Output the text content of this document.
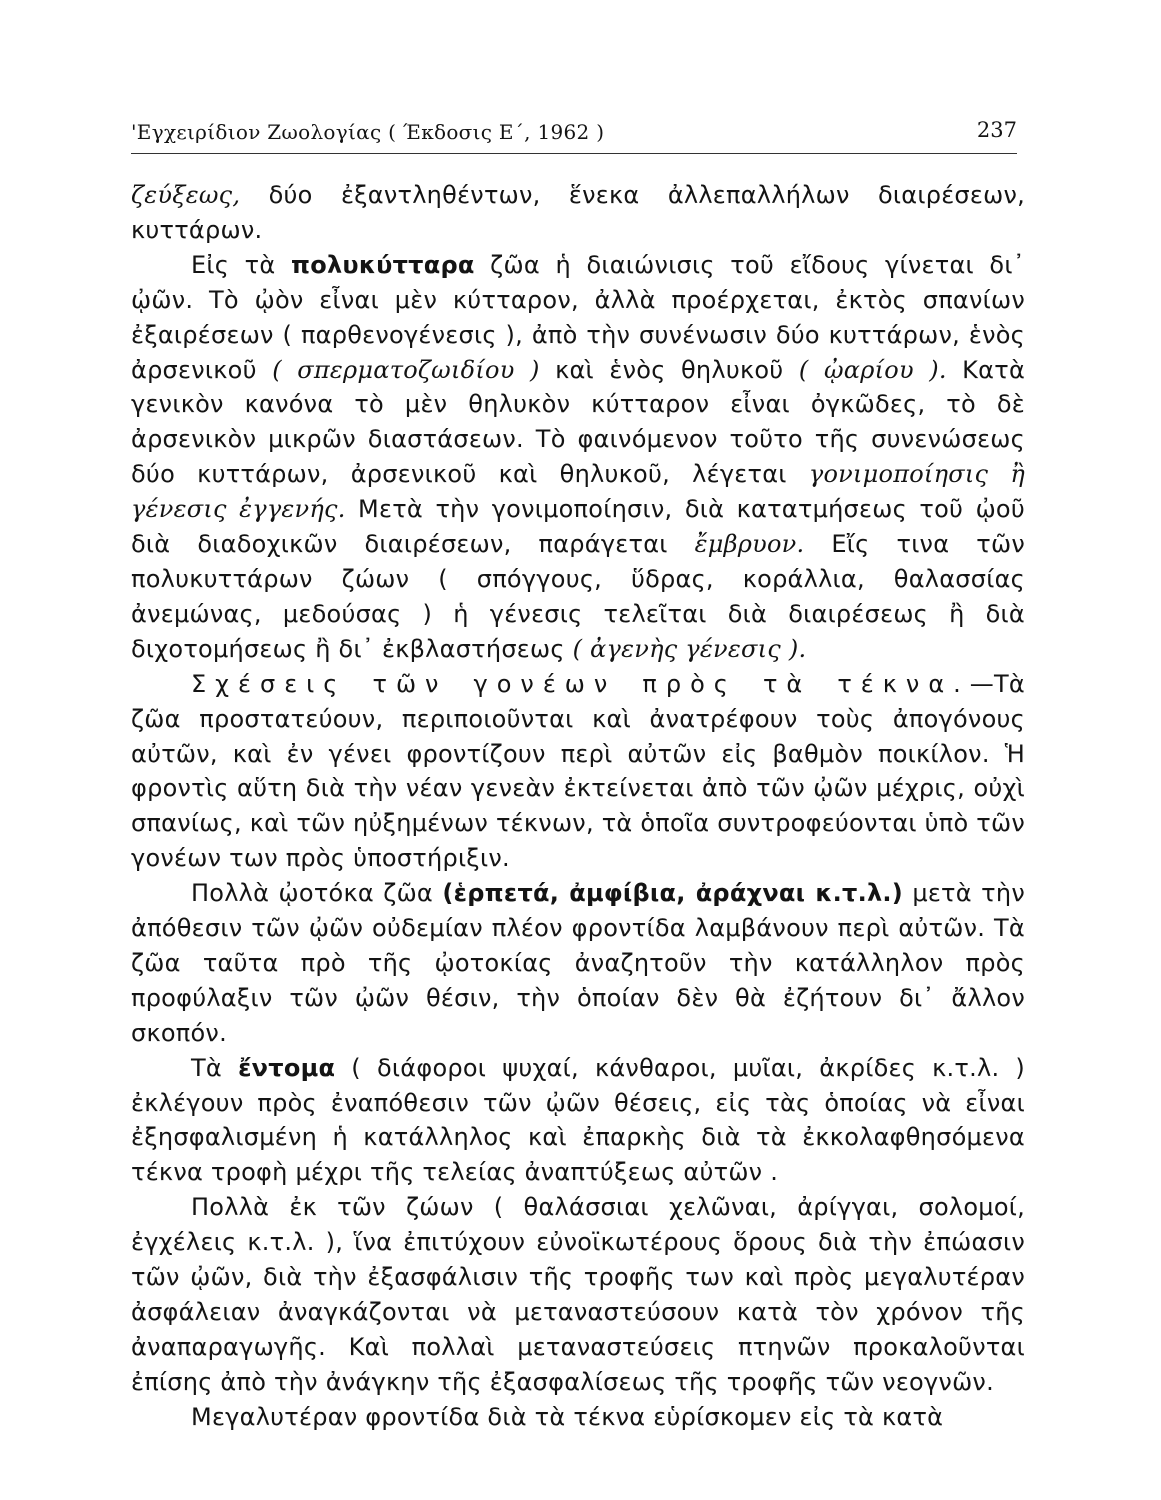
'Εγχειρίδιον Ζωολογίας ( Έκδοσις Ε΄, 1962 )	237

ζεύξεως, δύο ἐξαντληθέντων, ἕνεκα ἀλλεπαλλήλων διαιρέσεων, κυττάρων.

Εἰς τὰ πολυκύτταρα ζῶα ἡ διαιώνισις τοῦ εἴδους γίνεται δι᾿ ᾠῶν. Τὸ ᾠὸν εἶναι μὲν κύτταρον, ἀλλὰ προέρχεται, ἐκτὸς σπανίων ἐξαιρέσεων ( παρθενογένεσις ), ἀπὸ τὴν συνένωσιν δύο κυττάρων, ἑνὸς ἀρσενικοῦ ( σπερματοζωιδίου ) καὶ ἑνὸς θηλυκοῦ ( ᾠαρίου ). Κατὰ γενικὸν κανόνα τὸ μὲν θηλυκὸν κύτταρον εἶναι ὀγκῶδες, τὸ δὲ ἀρσενικὸν μικρῶν διαστάσεων. Τὸ φαινόμενον τοῦτο τῆς συνενώσεως δύο κυττάρων, ἀρσενικοῦ καὶ θηλυκοῦ, λέγεται γονιμοποίησις ἢ γένεσις ἐγγενής. Μετὰ τὴν γονιμοποίησιν, διὰ κατατμήσεως τοῦ ᾠοῦ διὰ διαδοχικῶν διαιρέσεων, παράγεται ἔμβρυον. Εἴς τινα τῶν πολυκυττάρων ζώων ( σπόγγους, ὕδρας, κοράλλια, θαλασσίας ἀνεμώνας, μεδούσας ) ἡ γένεσις τελεῖται διὰ διαιρέσεως ἢ διὰ διχοτομήσεως ἢ δι᾿ ἐκβλαστήσεως ( ἀγενὴς γένεσις ).

Σχέσεις τῶν γονέων πρὸς τὰ τέκνα.—Τὰ ζῶα προστατεύουν, περιποιοῦνται καὶ ἀνατρέφουν τοὺς ἀπογόνους αὐτῶν, καὶ ἐν γένει φροντίζουν περὶ αὐτῶν εἰς βαθμὸν ποικίλον. Ἡ φροντὶς αὕτη διὰ τὴν νέαν γενεὰν ἐκτείνεται ἀπὸ τῶν ᾠῶν μέχρις, οὐχὶ σπανίως, καὶ τῶν ηὐξημένων τέκνων, τὰ ὁποῖα συντροφεύονται ὑπὸ τῶν γονέων των πρὸς ὑποστήριξιν.

Πολλὰ ᾠοτόκα ζῶα (ἑρπετά, ἀμφίβια, ἀράχναι κ.τ.λ.) μετὰ τὴν ἀπόθεσιν τῶν ᾠῶν οὐδεμίαν πλέον φροντίδα λαμβάνουν περὶ αὐτῶν. Τὰ ζῶα ταῦτα πρὸ τῆς ᾠοτοκίας ἀναζητοῦν τὴν κατάλληλον πρὸς προφύλαξιν τῶν ᾠῶν θέσιν, τὴν ὁποίαν δὲν θὰ ἐζήτουν δι᾿ ἄλλον σκοπόν.

Τὰ ἔντομα ( διάφοροι ψυχαί, κάνθαροι, μυῖαι, ἀκρίδες κ.τ.λ. ) ἐκλέγουν πρὸς ἐναπόθεσιν τῶν ᾠῶν θέσεις, εἰς τὰς ὁποίας νὰ εἶναι ἐξησφαλισμένη ἡ κατάλληλος καὶ ἐπαρκὴς διὰ τὰ ἐκκολαφθησόμενα τέκνα τροφὴ μέχρι τῆς τελείας ἀναπτύξεως αὐτῶν .

Πολλὰ ἐκ τῶν ζώων ( θαλάσσιαι χελῶναι, ἀρίγγαι, σολομοί, ἐγχέλεις κ.τ.λ. ), ἵνα ἐπιτύχουν εὐνοϊκωτέρους ὅρους διὰ τὴν ἐπώασιν τῶν ᾠῶν, διὰ τὴν ἐξασφάλισιν τῆς τροφῆς των καὶ πρὸς μεγαλυτέραν ἀσφάλειαν ἀναγκάζονται νὰ μεταναστεύσουν κατὰ τὸν χρόνον τῆς ἀναπαραγωγῆς. Καὶ πολλαὶ μεταναστεύσεις πτηνῶν προκαλοῦνται ἐπίσης ἀπὸ τὴν ἀνάγκην τῆς ἐξασφαλίσεως τῆς τροφῆς τῶν νεογνῶν.

Μεγαλυτέραν φροντίδα διὰ τὰ τέκνα εὑρίσκομεν εἰς τὰ κατὰ
